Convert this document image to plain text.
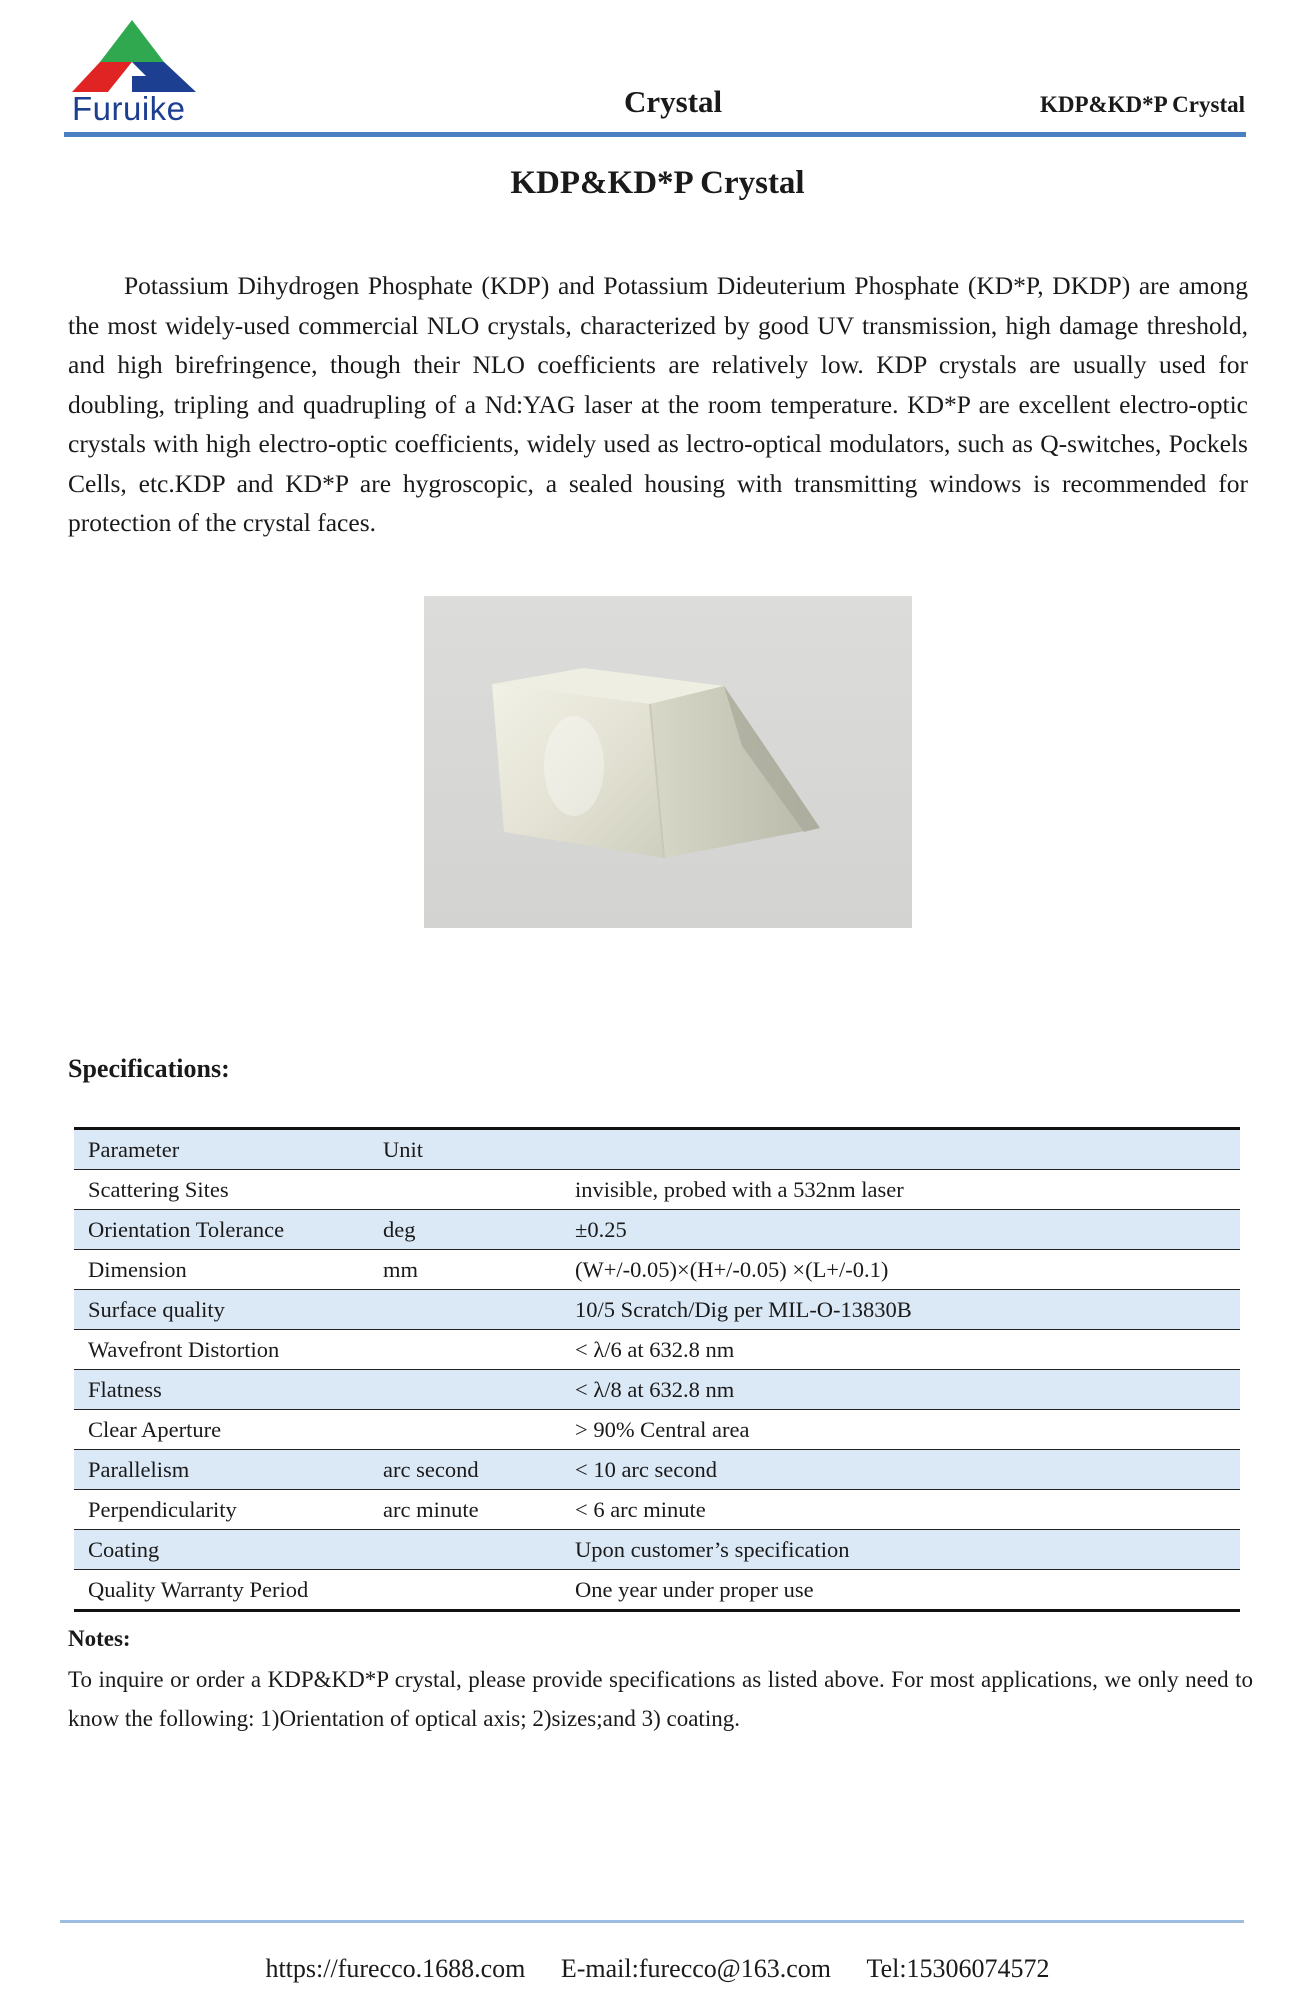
Furuike	Crystal	KDP&KD*P Crystal
KDP&KD*P Crystal

Potassium Dihydrogen Phosphate (KDP) and Potassium Dideuterium Phosphate (KD*P, DKDP) are among the most widely-used commercial NLO crystals, characterized by good UV transmission, high damage threshold, and high birefringence, though their NLO coefficients are relatively low. KDP crystals are usually used for doubling, tripling and quadrupling of a Nd:YAG laser at the room temperature. KD*P are excellent electro-optic crystals with high electro-optic coefficients, widely used as lectro-optical modulators, such as Q-switches, Pockels Cells, etc.KDP and KD*P are hygroscopic, a sealed housing with transmitting windows is recommended for protection of the crystal faces.

Specifications:
Parameter	Unit	
Scattering Sites		invisible, probed with a 532nm laser
Orientation Tolerance	deg	±0.25
Dimension	mm	(W+/-0.05)×(H+/-0.05) ×(L+/-0.1)
Surface quality		10/5 Scratch/Dig per MIL-O-13830B
Wavefront Distortion		< λ/6 at 632.8 nm
Flatness		< λ/8 at 632.8 nm
Clear Aperture		> 90% Central area
Parallelism	arc second	< 10 arc second
Perpendicularity	arc minute	< 6 arc minute
Coating		Upon customer’s specification
Quality Warranty Period		One year under proper use
Notes:

To inquire or order a KDP&KD*P crystal, please provide specifications as listed above. For most applications, we only need to know the following: 1)Orientation of optical axis; 2)sizes;and 3) coating.

https://furecco.1688.com E-mail:furecco@163.com Tel:15306074572
